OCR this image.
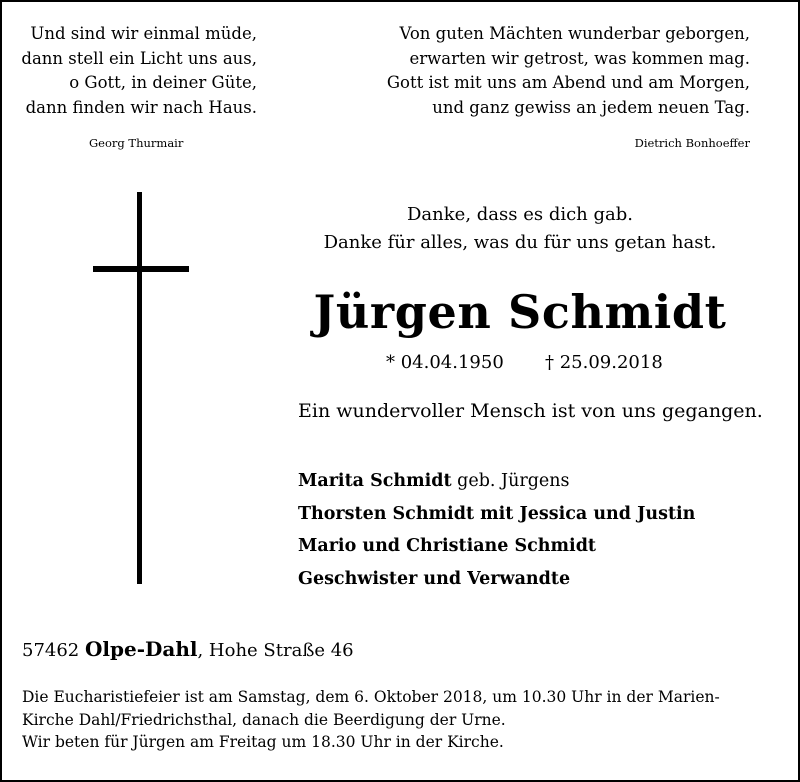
Und sind wir einmal müde,
dann stell ein Licht uns aus,
o Gott, in deiner Güte,
dann finden wir nach Haus.
Georg Thurmair
Von guten Mächten wunderbar geborgen,
erwarten wir getrost, was kommen mag.
Gott ist mit uns am Abend und am Morgen,
und ganz gewiss an jedem neuen Tag.
Dietrich Bonhoeffer
Danke, dass es dich gab.
Danke für alles, was du für uns getan hast.
Jürgen Schmidt
* 04.04.1950 † 25.09.2018
Ein wundervoller Mensch ist von uns gegangen.
Marita Schmidt geb. Jürgens
Thorsten Schmidt mit Jessica und Justin
Mario und Christiane Schmidt
Geschwister und Verwandte
57462 Olpe-Dahl, Hohe Straße 46
Die Eucharistiefeier ist am Samstag, dem 6. Oktober 2018, um 10.30 Uhr in der Marien-
Kirche Dahl/Friedrichsthal, danach die Beerdigung der Urne.
Wir beten für Jürgen am Freitag um 18.30 Uhr in der Kirche.
